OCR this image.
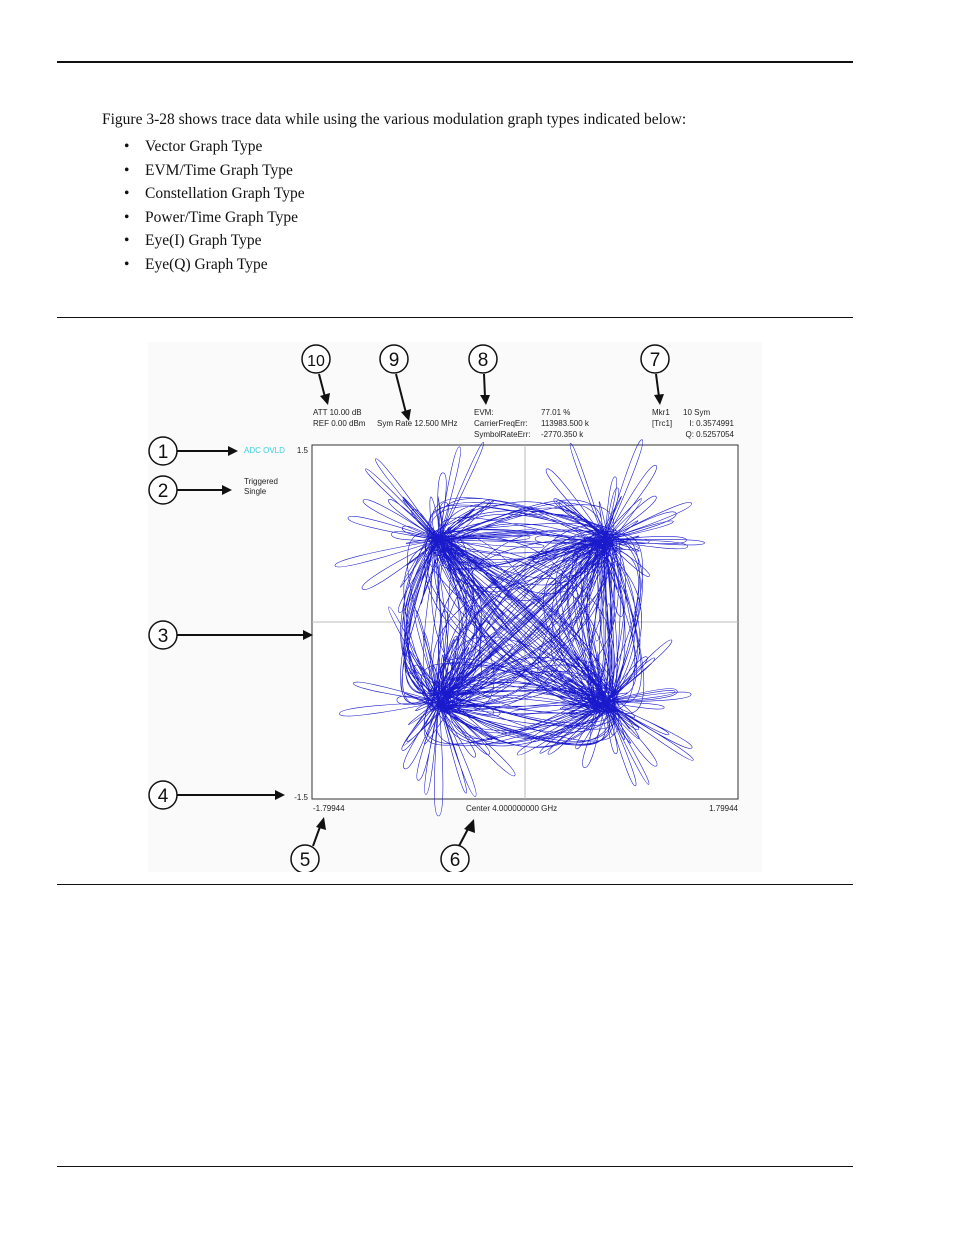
Figure 3-28 shows trace data while using the various modulation graph types indicated below:

• Vector Graph Type
• EVM/Time Graph Type
• Constellation Graph Type
• Power/Time Graph Type
• Eye(I) Graph Type
• Eye(Q) Graph Type
ATT 10.00 dB
REF 0.00 dBm Sym Rate 12.500 MHz
EVM:	77.01 %
CarrierFreqErr: 113983.500 k
SymbolRateErr: -2770.350 k
Mkr1 10 Sym
[Trc1] I: 0.3574991
Q: 0.5257054
ADC OVLD
Triggered
Single
1.5
-1.5
-1.79944	1.79944
Center 4.000000000 GHz
1
2
3
4
5	6
7
8
9
10
